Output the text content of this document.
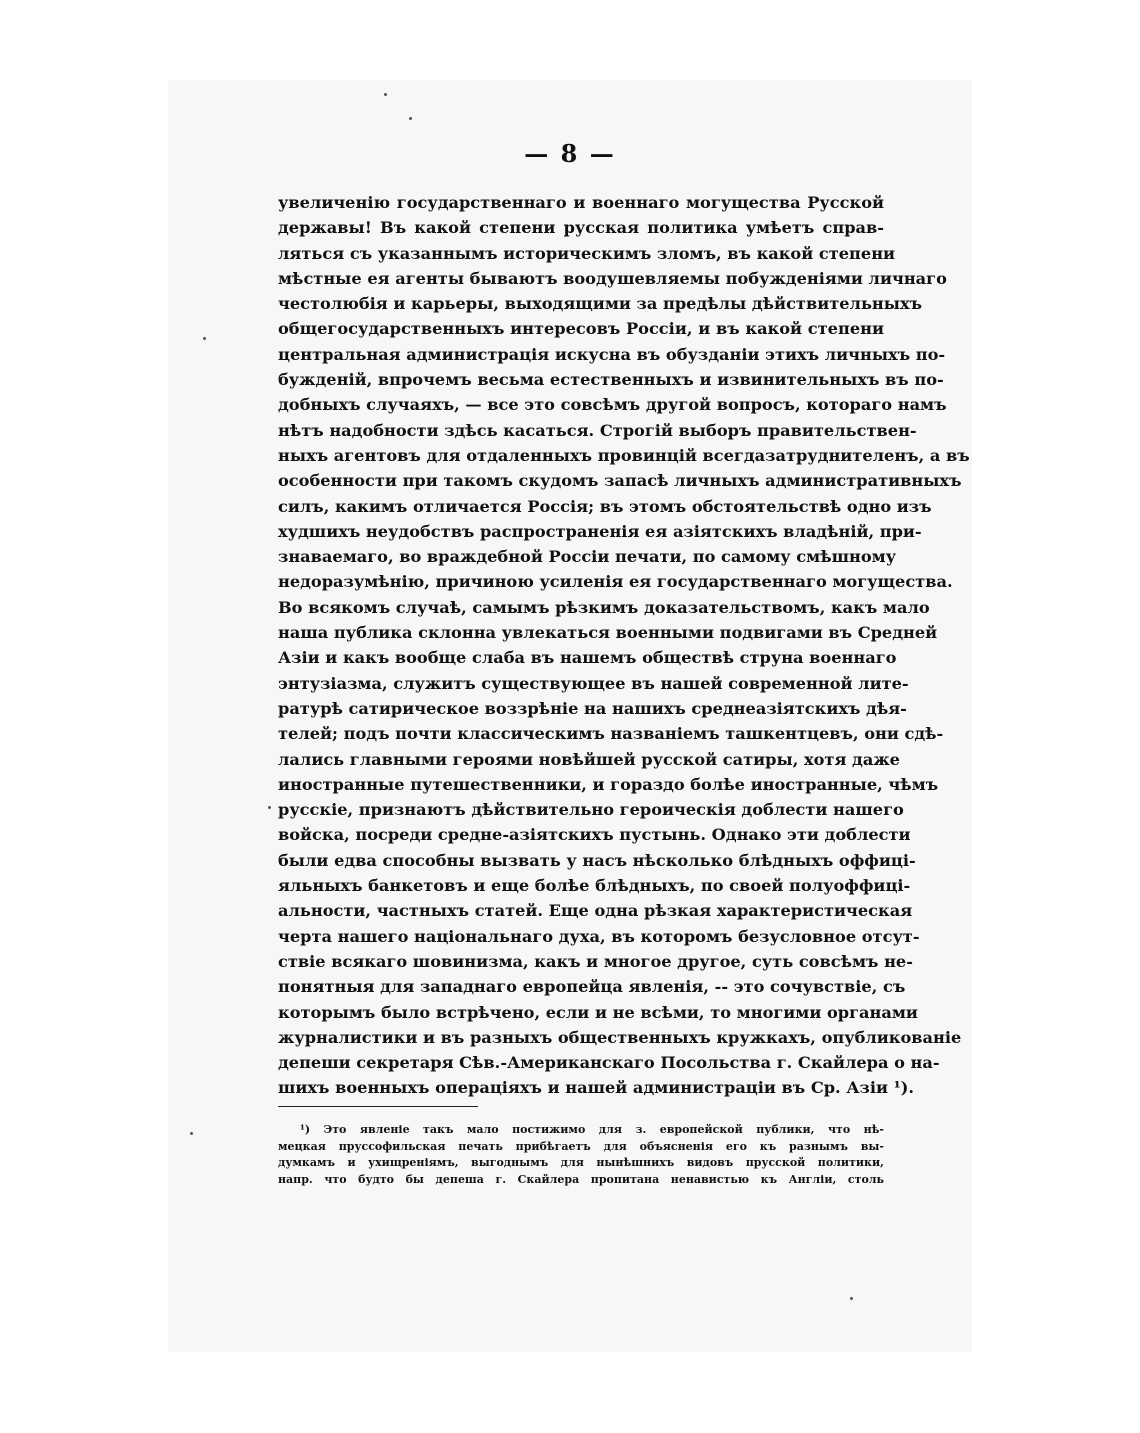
— 8 —
увеличенію государственнаго и военнаго могущества Русской
державы! Въ какой степени русская политика умѣетъ справ-
ляться съ указаннымъ историческимъ зломъ, въ какой степени
мѣстные ея агенты бываютъ воодушевляемы побужденіями личнаго
честолюбія и карьеры, выходящими за предѣлы дѣйствительныхъ
общегосударственныхъ интересовъ Россіи, и въ какой степени
центральная администрація искусна въ обузданіи этихъ личныхъ по-
бужденій, впрочемъ весьма естественныхъ и извинительныхъ въ по-
добныхъ случаяхъ, — все это совсѣмъ другой вопросъ, котораго намъ
нѣтъ надобности здѣсь касаться. Строгій выборъ правительствен-
ныхъ агентовъ для отдаленныхъ провинцій всегдазатруднителенъ, а въ
особенности при такомъ скудомъ запасѣ личныхъ административныхъ
силъ, какимъ отличается Россія; въ этомъ обстоятельствѣ одно изъ
худшихъ неудобствъ распространенія ея азіятскихъ владѣній, при-
знаваемаго, во враждебной Россіи печати, по самому смѣшному
недоразумѣнію, причиною усиленія ея государственнаго могущества.
Во всякомъ случаѣ, самымъ рѣзкимъ доказательствомъ, какъ мало
наша публика склонна увлекаться военными подвигами въ Средней
Азіи и какъ вообще слаба въ нашемъ обществѣ струна военнаго
энтузіазма, служитъ существующее въ нашей современной лите-
ратурѣ сатирическое воззрѣніе на нашихъ среднеазіятскихъ дѣя-
телей; подъ почти классическимъ названіемъ ташкентцевъ, они сдѣ-
лались главными героями новѣйшей русской сатиры, хотя даже
иностранные путешественники, и гораздо болѣе иностранные, чѣмъ
русскіе, признаютъ дѣйствительно героическія доблести нашего
войска, посреди средне-азіятскихъ пустынь. Однако эти доблести
были едва способны вызвать у насъ нѣсколько блѣдныхъ оффиці-
яльныхъ банкетовъ и еще болѣе блѣдныхъ, по своей полуоффиці-
альности, частныхъ статей. Еще одна рѣзкая характеристическая
черта нашего національнаго духа, въ которомъ безусловное отсут-
ствіе всякаго шовинизма, какъ и многое другое, суть совсѣмъ не-
понятныя для западнаго европейца явленія, -- это сочувствіе, съ
которымъ было встрѣчено, если и не всѣми, то многими органами
журналистики и въ разныхъ общественныхъ кружкахъ, опубликованіе
депеши секретаря Сѣв.-Американскаго Посольства г. Скайлера о на-
шихъ военныхъ операціяхъ и нашей администраціи въ Ср. Азіи ¹).
¹) Это явленіе такъ мало постижимо для з. европейской публики, что нѣ-
мецкая пруссофильская печать прибѣгаетъ для объясненія его къ разнымъ вы-
думкамъ и ухищреніямъ, выгоднымъ для нынѣшнихъ видовъ прусской политики,
напр. что будто бы депеша г. Скайлера пропитана ненавистью къ Англіи, столь
